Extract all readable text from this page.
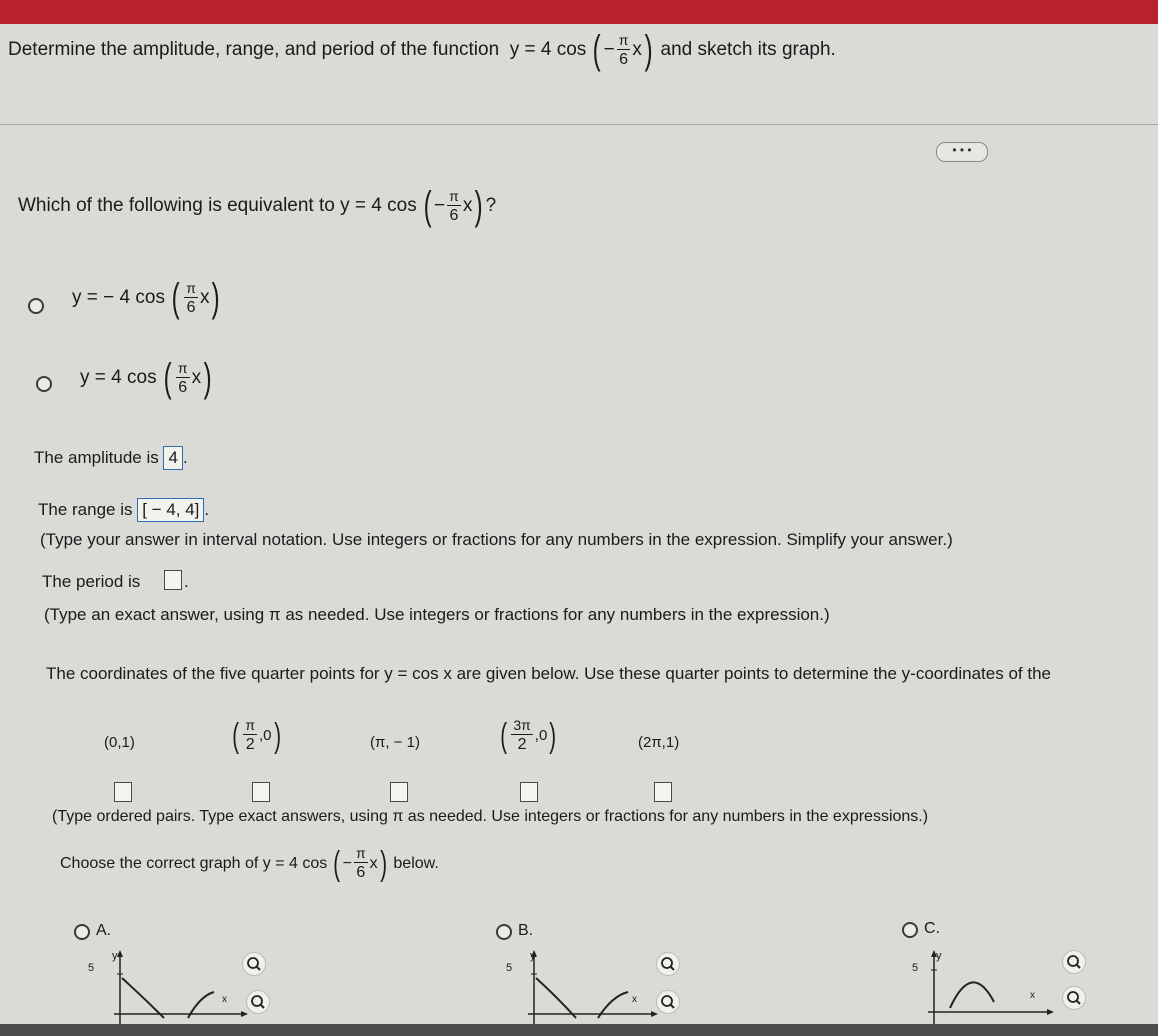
Determine the amplitude, range, and period of the function
y = 4 cos ( − $\frac{\pi}{6}$ x )
and sketch its graph.
• • •
Which of the following is equivalent to
y = 4 cos ( − $\frac{\pi}{6}$ x ) ?
y = − 4 cos ( $\frac{\pi}{6}$ x )
y = 4 cos ( $\frac{\pi}{6}$ x )
The amplitude is 4 .
The range is [ − 4, 4] .
(Type your answer in interval notation. Use integers or fractions for any numbers in the expression. Simplify your answer.)
The period is	.
(Type an exact answer, using π as needed. Use integers or fractions for any numbers in the expression.)
The coordinates of the five quarter points for y = cos x are given below. Use these quarter points to determine the y-coordinates of the
(0,1)	( $\frac{\pi}{2} ,0$ )	(π, − 1) ( $\frac{3\pi}{2} ,0$ )	(2π,1)
(Type ordered pairs. Type exact answers, using π as needed. Use integers or fractions for any numbers in the expressions.)
Choose the correct graph of
y = 4 cos ( − $\frac{\pi}{6}$ x )
below.
A.
5
y
x
B.
5
y
x
C.
5
y
x
